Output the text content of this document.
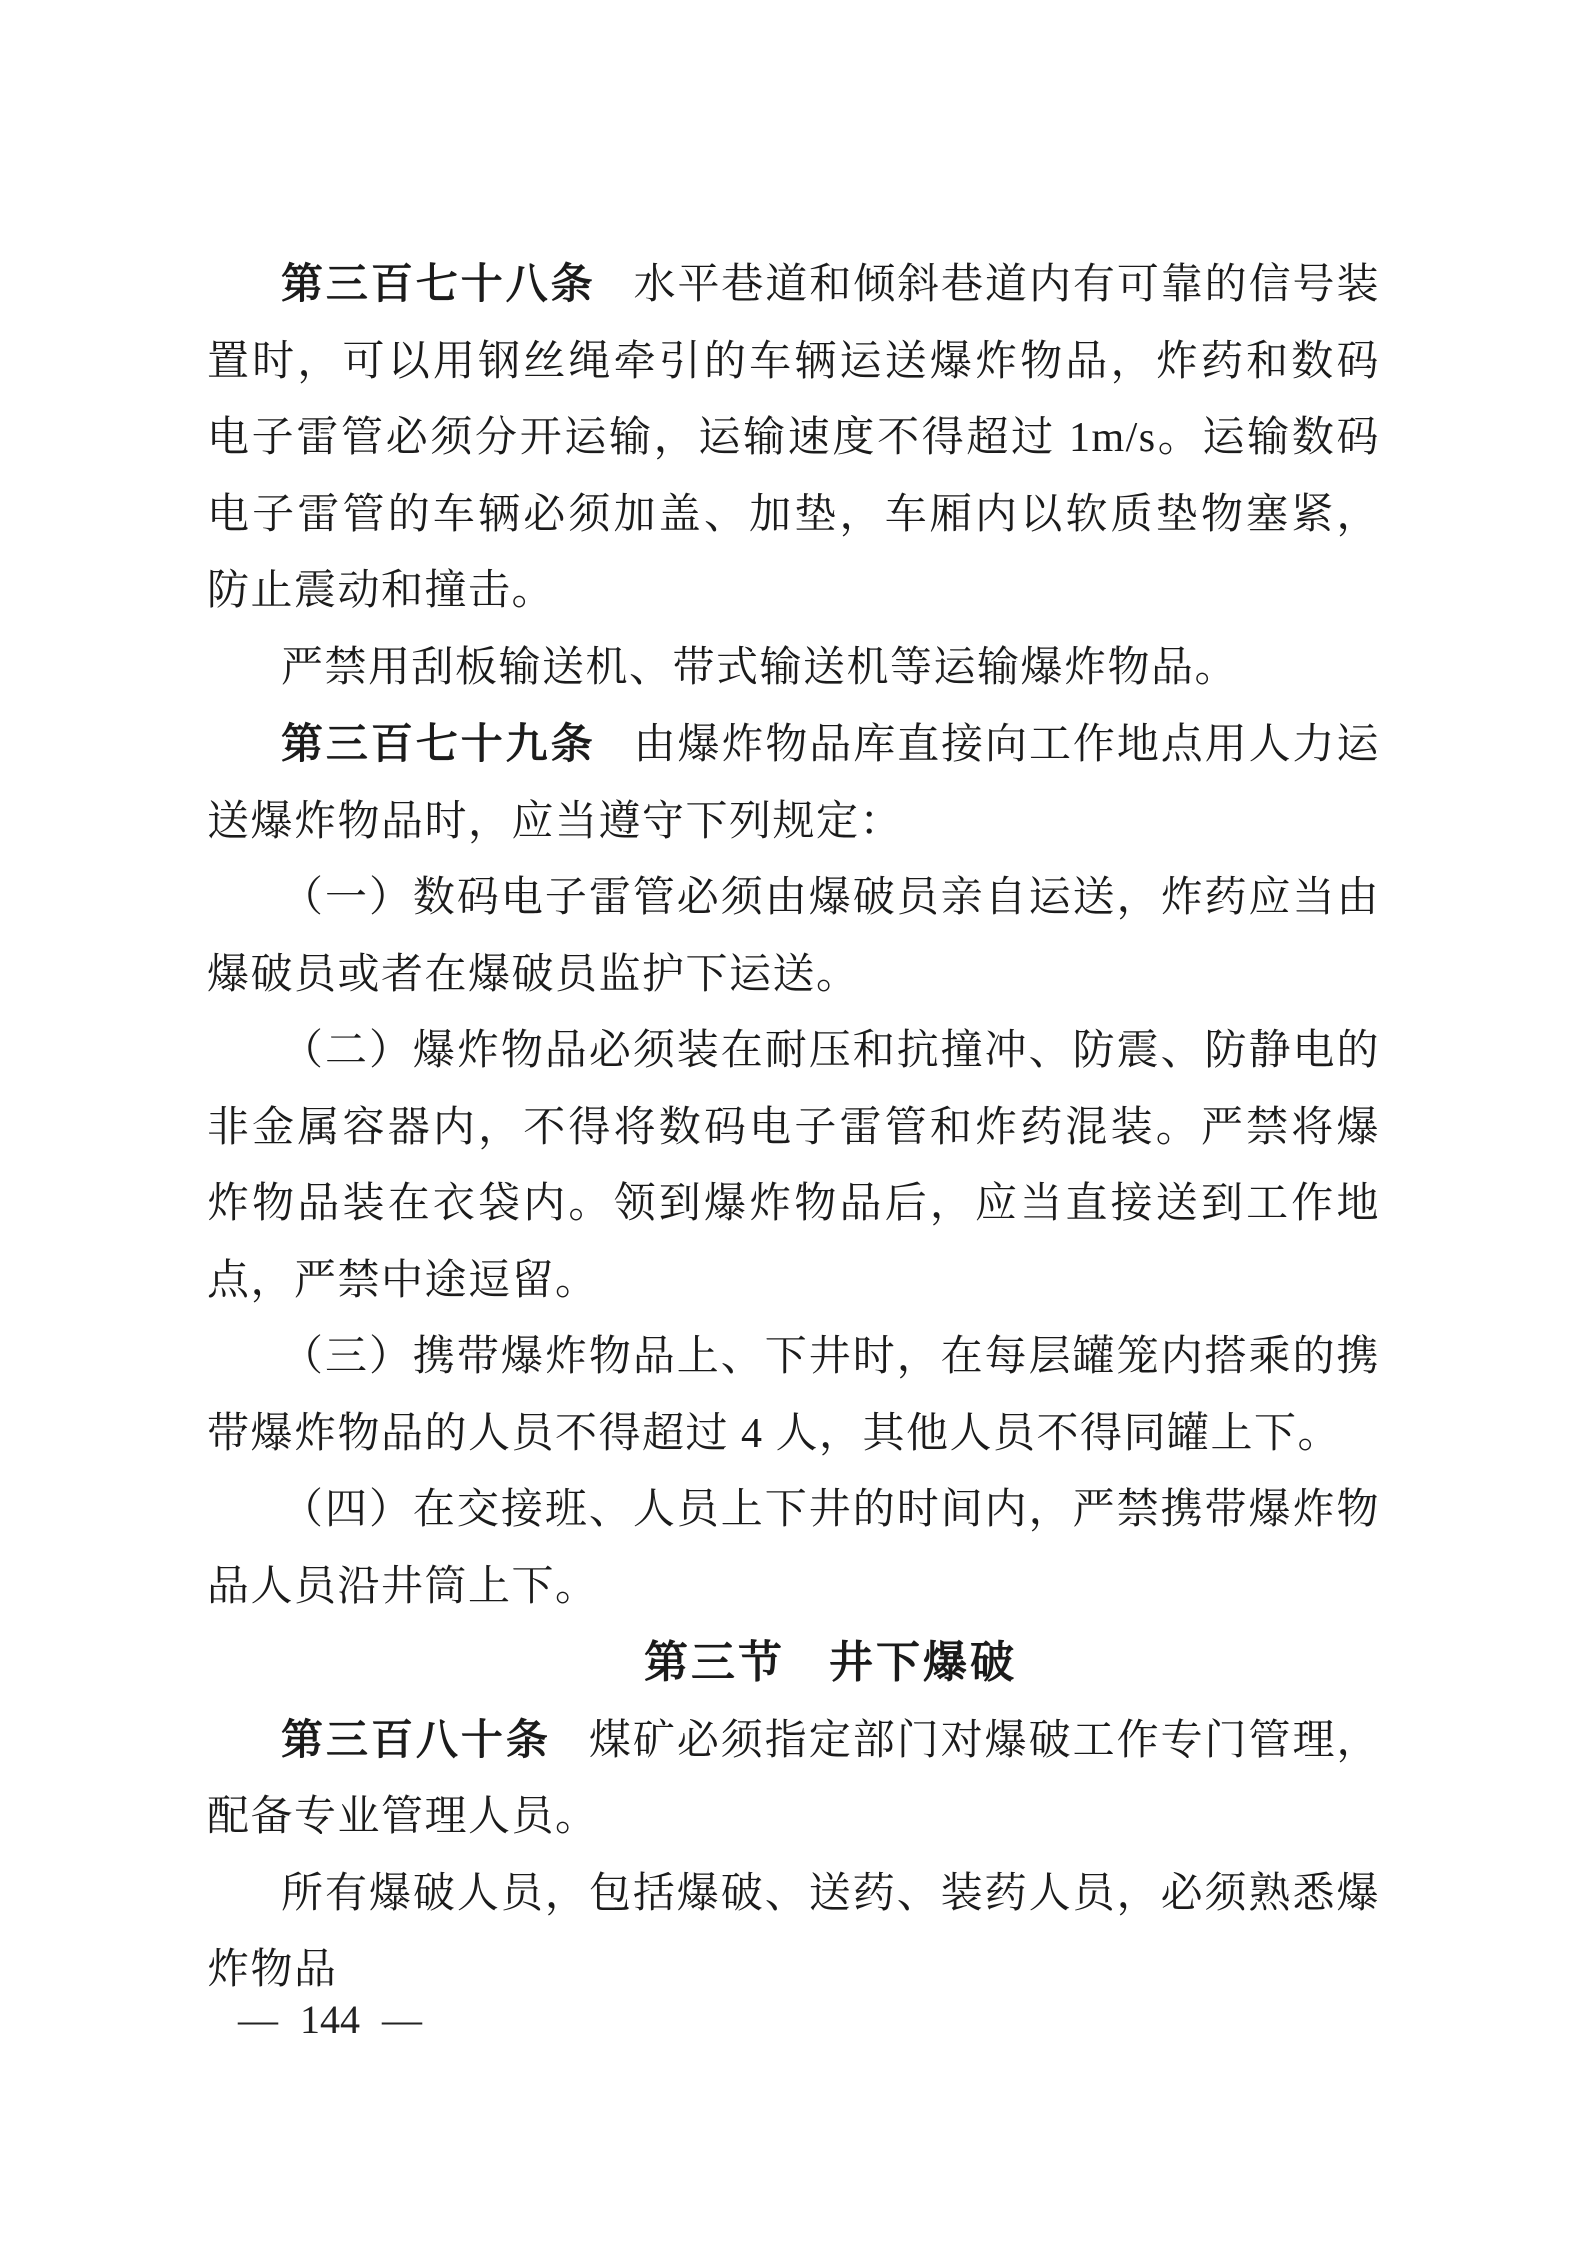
第三百七十八条 水平巷道和倾斜巷道内有可靠的信号装置时，可以用钢丝绳牵引的车辆运送爆炸物品，炸药和数码电子雷管必须分开运输，运输速度不得超过 1m/s。运输数码电子雷管的车辆必须加盖、加垫，车厢内以软质垫物塞紧，防止震动和撞击。

严禁用刮板输送机、带式输送机等运输爆炸物品。

第三百七十九条 由爆炸物品库直接向工作地点用人力运送爆炸物品时，应当遵守下列规定：

（一）数码电子雷管必须由爆破员亲自运送，炸药应当由爆破员或者在爆破员监护下运送。

（二）爆炸物品必须装在耐压和抗撞冲、防震、防静电的非金属容器内，不得将数码电子雷管和炸药混装。严禁将爆炸物品装在衣袋内。领到爆炸物品后，应当直接送到工作地点，严禁中途逗留。

（三）携带爆炸物品上、下井时，在每层罐笼内搭乘的携带爆炸物品的人员不得超过 4 人，其他人员不得同罐上下。

（四）在交接班、人员上下井的时间内，严禁携带爆炸物品人员沿井筒上下。

第三节 井下爆破

第三百八十条 煤矿必须指定部门对爆破工作专门管理，配备专业管理人员。

所有爆破人员，包括爆破、送药、装药人员，必须熟悉爆炸物品

— 144 —
